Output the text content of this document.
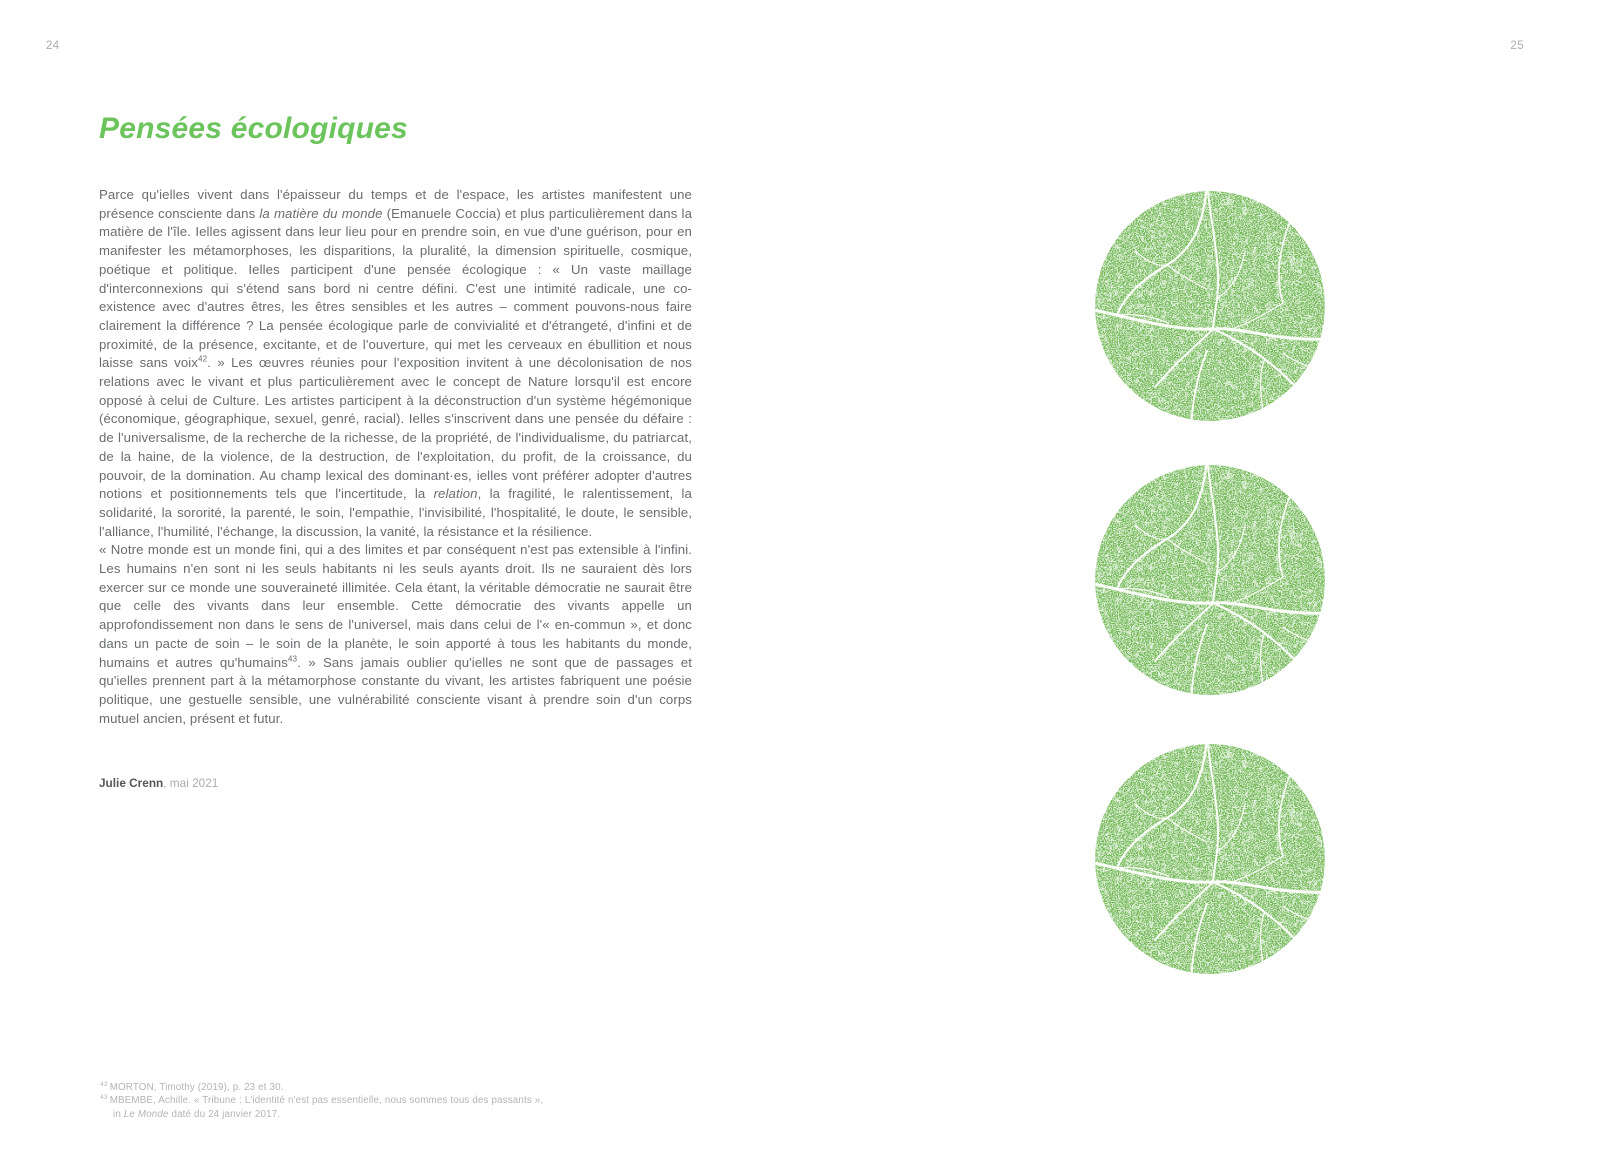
24	25
Pensées écologiques

Parce qu'ielles vivent dans l'épaisseur du temps et de l'espace, les artistes manifestent une présence consciente dans la matière du monde (Emanuele Coccia) et plus particulièrement dans la matière de l'île. Ielles agissent dans leur lieu pour en prendre soin, en vue d'une guérison, pour en manifester les métamorphoses, les disparitions, la pluralité, la dimension spirituelle, cosmique, poétique et politique. Ielles participent d'une pensée écologique : « Un vaste maillage d'interconnexions qui s'étend sans bord ni centre défini. C'est une intimité radicale, une co-existence avec d'autres êtres, les êtres sensibles et les autres – comment pouvons-nous faire clairement la différence ? La pensée écologique parle de convivialité et d'étrangeté, d'infini et de proximité, de la présence, excitante, et de l'ouverture, qui met les cerveaux en ébullition et nous laisse sans voix$^{42}$. » Les œuvres réunies pour l'exposition invitent à une décolonisation de nos relations avec le vivant et plus particulièrement avec le concept de Nature lorsqu'il est encore opposé à celui de Culture. Les artistes participent à la déconstruction d'un système hégémonique (économique, géographique, sexuel, genré, racial). Ielles s'inscrivent dans une pensée du défaire : de l'universalisme, de la recherche de la richesse, de la propriété, de l'individualisme, du patriarcat, de la haine, de la violence, de la destruction, de l'exploitation, du profit, de la croissance, du pouvoir, de la domination. Au champ lexical des dominant·es, ielles vont préférer adopter d'autres notions et positionnements tels que l'incertitude, la relation, la fragilité, le ralentissement, la solidarité, la sororité, la parenté, le soin, l'empathie, l'invisibilité, l'hospitalité, le doute, le sensible, l'alliance, l'humilité, l'échange, la discussion, la vanité, la résistance et la résilience.

« Notre monde est un monde fini, qui a des limites et par conséquent n'est pas extensible à l'infini. Les humains n'en sont ni les seuls habitants ni les seuls ayants droit. Ils ne sauraient dès lors exercer sur ce monde une souveraineté illimitée. Cela étant, la véritable démocratie ne saurait être que celle des vivants dans leur ensemble. Cette démocratie des vivants appelle un approfondissement non dans le sens de l'universel, mais dans celui de l'« en-commun », et donc dans un pacte de soin – le soin de la planète, le soin apporté à tous les habitants du monde, humains et autres qu'humains$^{43}$. » Sans jamais oublier qu'ielles ne sont que de passages et qu'ielles prennent part à la métamorphose constante du vivant, les artistes fabriquent une poésie politique, une gestuelle sensible, une vulnérabilité consciente visant à prendre soin d'un corps mutuel ancien, présent et futur.

Julie Crenn, mai 2021
$^{42}$ MORTON, Timothy (2019), p. 23 et 30.
$^{43}$ MBEMBE, Achille. « Tribune : L'identité n'est pas essentielle, nous sommes tous des passants »,
in Le Monde daté du 24 janvier 2017.
